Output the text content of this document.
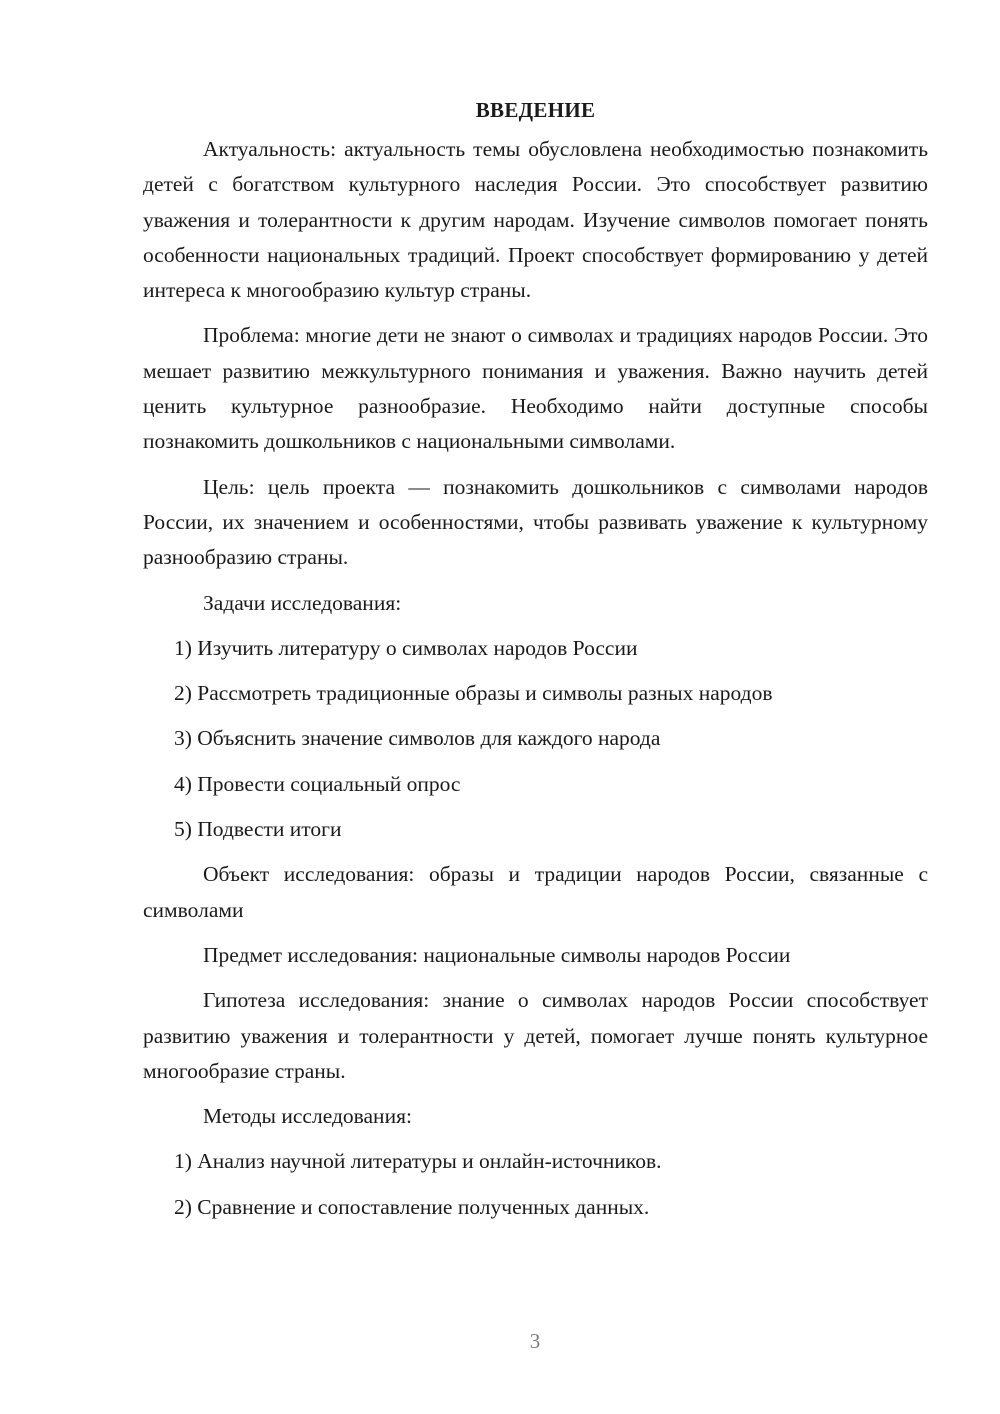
ВВЕДЕНИЕ

Актуальность: актуальность темы обусловлена необходимостью познакомить детей с богатством культурного наследия России. Это способствует развитию уважения и толерантности к другим народам. Изучение символов помогает понять особенности национальных традиций. Проект способствует формированию у детей интереса к многообразию культур страны.

Проблема: многие дети не знают о символах и традициях народов России. Это мешает развитию межкультурного понимания и уважения. Важно научить детей ценить культурное разнообразие. Необходимо найти доступные способы познакомить дошкольников с национальными символами.

Цель: цель проекта — познакомить дошкольников с символами народов России, их значением и особенностями, чтобы развивать уважение к культурному разнообразию страны.

Задачи исследования:
1) Изучить литературу о символах народов России
2) Рассмотреть традиционные образы и символы разных народов
3) Объяснить значение символов для каждого народа
4) Провести социальный опрос
5) Подвести итоги

Объект исследования: образы и традиции народов России, связанные с символами

Предмет исследования: национальные символы народов России

Гипотеза исследования: знание о символах народов России способствует развитию уважения и толерантности у детей, помогает лучше понять культурное многообразие страны.

Методы исследования:
1) Анализ научной литературы и онлайн-источников.
2) Сравнение и сопоставление полученных данных.
3
